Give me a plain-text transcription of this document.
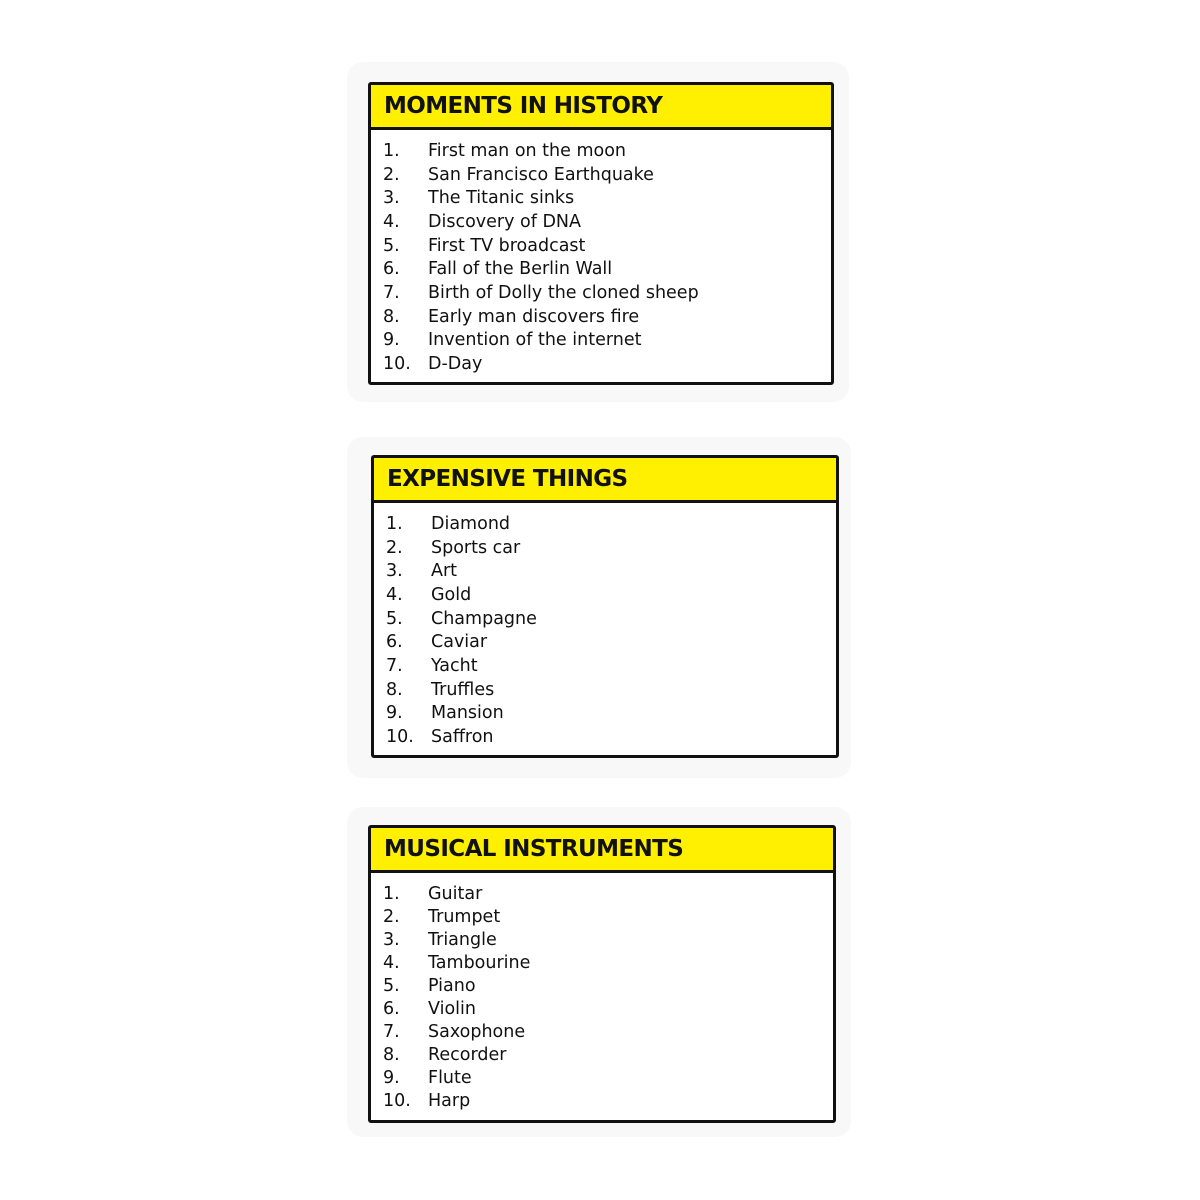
MOMENTS IN HISTORY
1.	First man on the moon
2.	San Francisco Earthquake
3.	The Titanic sinks
4.	Discovery of DNA
5.	First TV broadcast
6.	Fall of the Berlin Wall
7.	Birth of Dolly the cloned sheep
8.	Early man discovers fire
9.	Invention of the internet
10. D-Day
EXPENSIVE THINGS
1.	Diamond
2.	Sports car
3.	Art
4.	Gold
5.	Champagne
6.	Caviar
7.	Yacht
8.	Truffles
9.	Mansion
10. Saffron
MUSICAL INSTRUMENTS
1.	Guitar
2.	Trumpet
3.	Triangle
4.	Tambourine
5.	Piano
6.	Violin
7.	Saxophone
8.	Recorder
9.	Flute
10. Harp
